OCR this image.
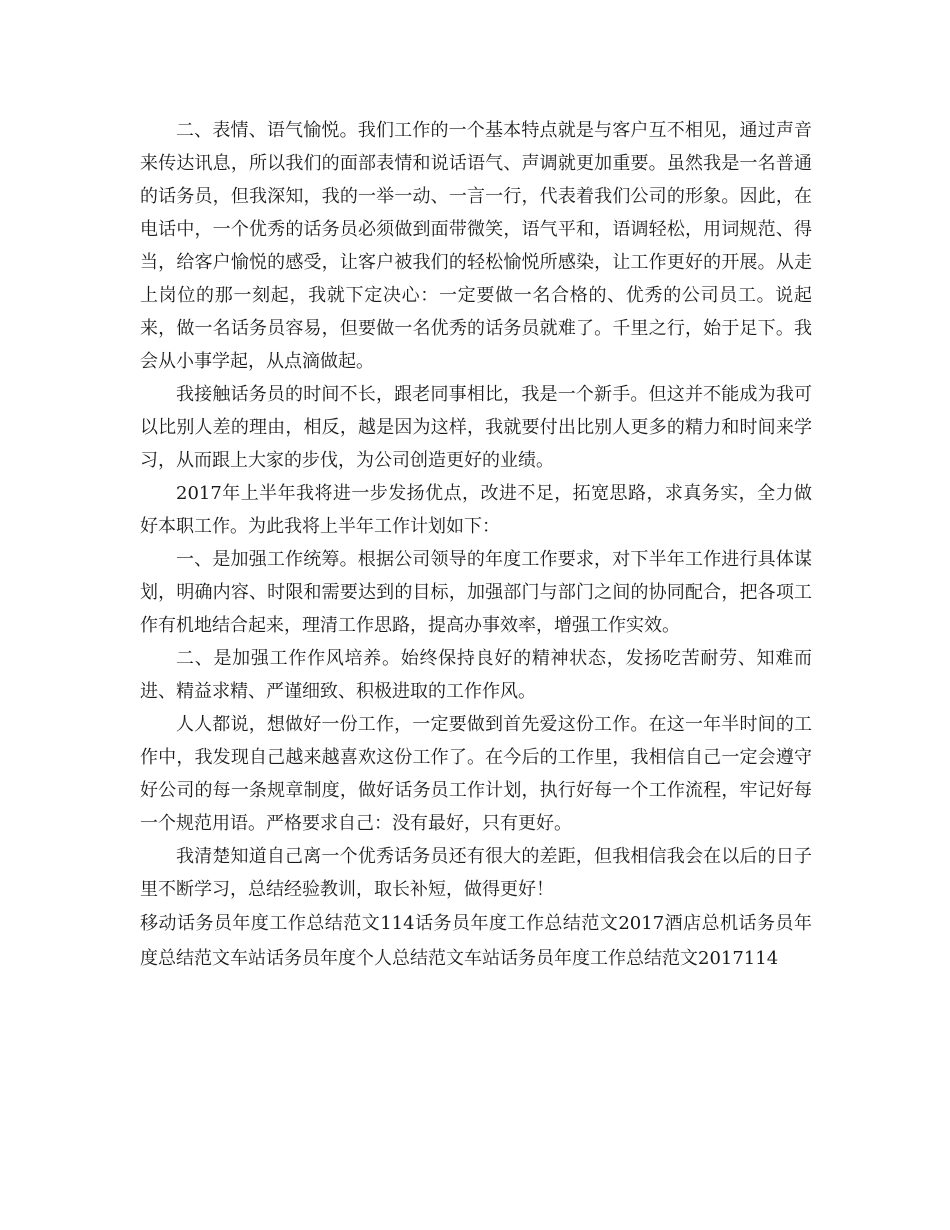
二、表情、语气愉悦。我们工作的一个基本特点就是与客户互不相见，通过声音来传达讯息，所以我们的面部表情和说话语气、声调就更加重要。虽然我是一名普通的话务员，但我深知，我的一举一动、一言一行，代表着我们公司的形象。因此，在电话中，一个优秀的话务员必须做到面带微笑，语气平和，语调轻松，用词规范、得当，给客户愉悦的感受，让客户被我们的轻松愉悦所感染，让工作更好的开展。从走上岗位的那一刻起，我就下定决心：一定要做一名合格的、优秀的公司员工。说起来，做一名话务员容易，但要做一名优秀的话务员就难了。千里之行，始于足下。我会从小事学起，从点滴做起。

我接触话务员的时间不长，跟老同事相比，我是一个新手。但这并不能成为我可以比别人差的理由，相反，越是因为这样，我就要付出比别人更多的精力和时间来学习，从而跟上大家的步伐，为公司创造更好的业绩。

2017年上半年我将进一步发扬优点，改进不足，拓宽思路，求真务实，全力做好本职工作。为此我将上半年工作计划如下：

一、是加强工作统筹。根据公司领导的年度工作要求，对下半年工作进行具体谋划，明确内容、时限和需要达到的目标，加强部门与部门之间的协同配合，把各项工作有机地结合起来，理清工作思路，提高办事效率，增强工作实效。

二、是加强工作作风培养。始终保持良好的精神状态，发扬吃苦耐劳、知难而进、精益求精、严谨细致、积极进取的工作作风。

人人都说，想做好一份工作，一定要做到首先爱这份工作。在这一年半时间的工作中，我发现自己越来越喜欢这份工作了。在今后的工作里，我相信自己一定会遵守好公司的每一条规章制度，做好话务员工作计划，执行好每一个工作流程，牢记好每一个规范用语。严格要求自己：没有最好，只有更好。

我清楚知道自己离一个优秀话务员还有很大的差距，但我相信我会在以后的日子里不断学习，总结经验教训，取长补短，做得更好！

移动话务员年度工作总结范文114话务员年度工作总结范文2017酒店总机话务员年度总结范文车站话务员年度个人总结范文车站话务员年度工作总结范文2017114
